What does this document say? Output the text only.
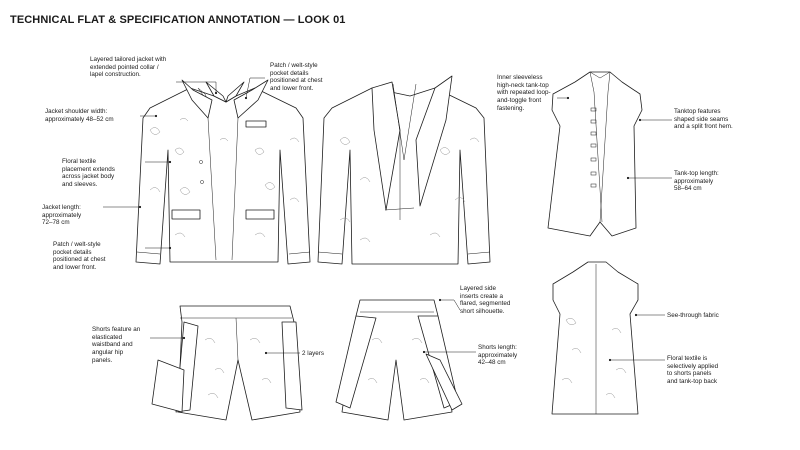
TECHNICAL FLAT & SPECIFICATION ANNOTATION — LOOK 01
Layered tailored jacket with
extended pointed collar /
lapel construction.
Patch / welt-style
pocket details
positioned at chest
and lower front.
Jacket shoulder width:
approximately 48–52 cm
Floral textile
placement extends
across jacket body
and sleeves.
Jacket length:
approximately
72–78 cm
Patch / welt-style
pocket details
positioned at chest
and lower front.
Inner sleeveless
high-neck tank-top
with repeated loop-
and-toggle front
fastening.	Tanktop features
shaped side seams
and a split front hem.
Tank-top length:
approximately
58–64 cm
Shorts feature an
elasticated
waistband and
angular hip
panels.
2 layers
Layered side
inserts create a
flared, segmented
short silhouette.
Shorts length:
approximately
42–48 cm
See-through fabric
Floral textile is
selectively applied
to shorts panels
and tank-top back
